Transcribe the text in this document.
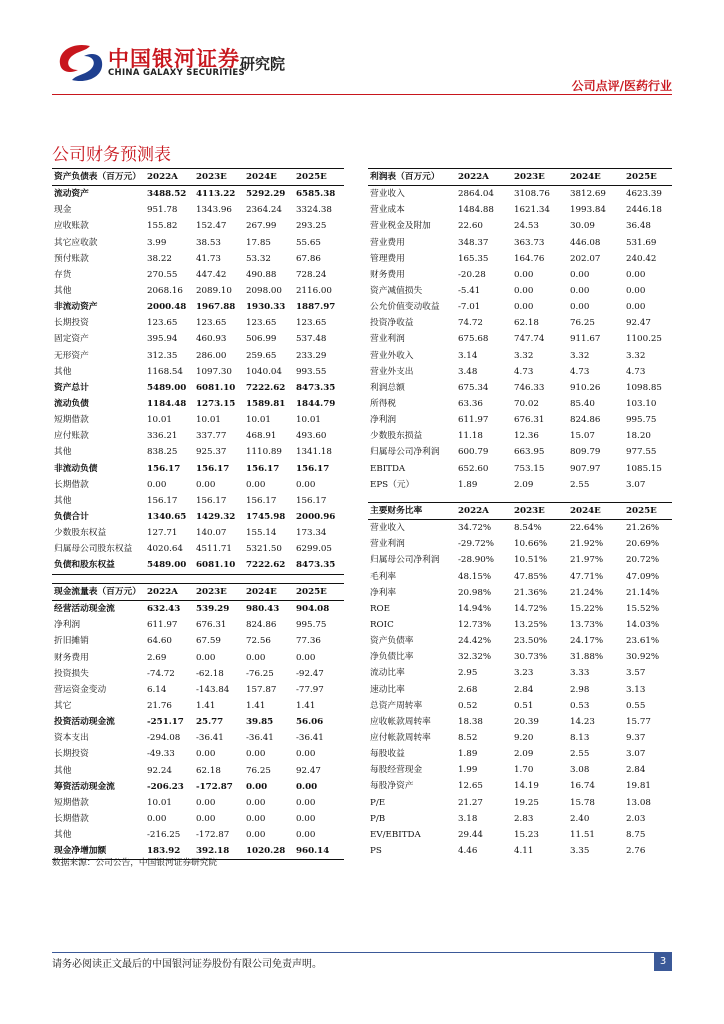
中国银河证券
CHINA GALAXY SECURITIES
研究院
公司点评/医药行业
公司财务预测表
资产负债表（百万元）	2022A	2023E	2024E	2025E
流动资产	3488.52	4113.22	5292.29	6585.38
现金	951.78	1343.96	2364.24	3324.38
应收账款	155.82	152.47	267.99	293.25
其它应收款	3.99	38.53	17.85	55.65
预付账款	38.22	41.73	53.32	67.86
存货	270.55	447.42	490.88	728.24
其他	2068.16	2089.10	2098.00	2116.00
非流动资产	2000.48	1967.88	1930.33	1887.97
长期投资	123.65	123.65	123.65	123.65
固定资产	395.94	460.93	506.99	537.48
无形资产	312.35	286.00	259.65	233.29
其他	1168.54	1097.30	1040.04	993.55
资产总计	5489.00	6081.10	7222.62	8473.35
流动负债	1184.48	1273.15	1589.81	1844.79
短期借款	10.01	10.01	10.01	10.01
应付账款	336.21	337.77	468.91	493.60
其他	838.25	925.37	1110.89	1341.18
非流动负债	156.17	156.17	156.17	156.17
长期借款	0.00	0.00	0.00	0.00
其他	156.17	156.17	156.17	156.17
负债合计	1340.65	1429.32	1745.98	2000.96
少数股东权益	127.71	140.07	155.14	173.34
归属母公司股东权益	4020.64	4511.71	5321.50	6299.05
负债和股东权益	5489.00	6081.10	7222.62	8473.35
利润表（百万元）	2022A	2023E	2024E	2025E
营业收入	2864.04	3108.76	3812.69	4623.39
营业成本	1484.88	1621.34	1993.84	2446.18
营业税金及附加	22.60	24.53	30.09	36.48
营业费用	348.37	363.73	446.08	531.69
管理费用	165.35	164.76	202.07	240.42
财务费用	-20.28	0.00	0.00	0.00
资产减值损失	-5.41	0.00	0.00	0.00
公允价值变动收益	-7.01	0.00	0.00	0.00
投资净收益	74.72	62.18	76.25	92.47
营业利润	675.68	747.74	911.67	1100.25
营业外收入	3.14	3.32	3.32	3.32
营业外支出	3.48	4.73	4.73	4.73
利润总额	675.34	746.33	910.26	1098.85
所得税	63.36	70.02	85.40	103.10
净利润	611.97	676.31	824.86	995.75
少数股东损益	11.18	12.36	15.07	18.20
归属母公司净利润	600.79	663.95	809.79	977.55
EBITDA	652.60	753.15	907.97	1085.15
EPS（元）	1.89	2.09	2.55	3.07
主要财务比率	2022A	2023E	2024E	2025E
营业收入	34.72%	8.54%	22.64%	21.26%
营业利润	-29.72%	10.66%	21.92%	20.69%
归属母公司净利润	-28.90%	10.51%	21.97%	20.72%
毛利率	48.15%	47.85%	47.71%	47.09%
净利率	20.98%	21.36%	21.24%	21.14%
ROE	14.94%	14.72%	15.22%	15.52%
ROIC	12.73%	13.25%	13.73%	14.03%
资产负债率	24.42%	23.50%	24.17%	23.61%
净负债比率	32.32%	30.73%	31.88%	30.92%
流动比率	2.95	3.23	3.33	3.57
速动比率	2.68	2.84	2.98	3.13
总资产周转率	0.52	0.51	0.53	0.55
应收帐款周转率	18.38	20.39	14.23	15.77
应付帐款周转率	8.52	9.20	8.13	9.37
每股收益	1.89	2.09	2.55	3.07
每股经营现金	1.99	1.70	3.08	2.84
每股净资产	12.65	14.19	16.74	19.81
P/E	21.27	19.25	15.78	13.08
P/B	3.18	2.83	2.40	2.03
EV/EBITDA	29.44	15.23	11.51	8.75
PS	4.46	4.11	3.35	2.76
现金流量表（百万元）	2022A	2023E	2024E	2025E
经营活动现金流	632.43	539.29	980.43	904.08
净利润	611.97	676.31	824.86	995.75
折旧摊销	64.60	67.59	72.56	77.36
财务费用	2.69	0.00	0.00	0.00
投资损失	-74.72	-62.18	-76.25	-92.47
营运资金变动	6.14	-143.84	157.87	-77.97
其它	21.76	1.41	1.41	1.41
投资活动现金流	-251.17	25.77	39.85	56.06
资本支出	-294.08	-36.41	-36.41	-36.41
长期投资	-49.33	0.00	0.00	0.00
其他	92.24	62.18	76.25	92.47
筹资活动现金流	-206.23	-172.87	0.00	0.00
短期借款	10.01	0.00	0.00	0.00
长期借款	0.00	0.00	0.00	0.00
其他	-216.25	-172.87	0.00	0.00
现金净增加额	183.92	392.18	1020.28	960.14
数据来源：公司公告，中国银河证券研究院
请务必阅读正文最后的中国银河证券股份有限公司免责声明。	3
